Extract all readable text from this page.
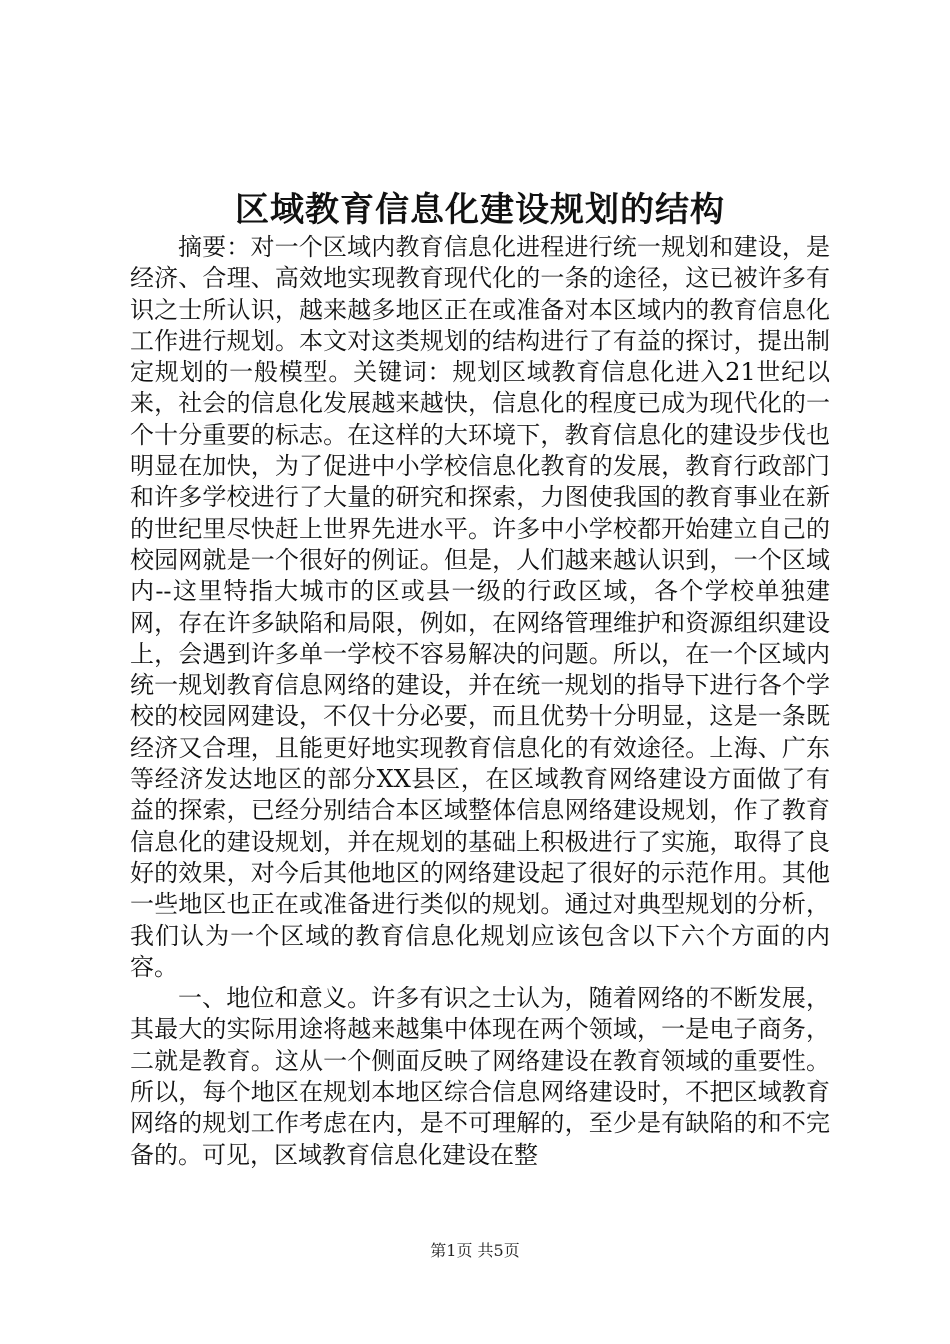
区域教育信息化建设规划的结构

摘要：对一个区域内教育信息化进程进行统一规划和建设，是经济、合理、高效地实现教育现代化的一条的途径，这已被许多有识之士所认识，越来越多地区正在或准备对本区域内的教育信息化工作进行规划。本文对这类规划的结构进行了有益的探讨，提出制定规划的一般模型。关键词：规划区域教育信息化进入21世纪以来，社会的信息化发展越来越快，信息化的程度已成为现代化的一个十分重要的标志。在这样的大环境下，教育信息化的建设步伐也明显在加快，为了促进中小学校信息化教育的发展，教育行政部门和许多学校进行了大量的研究和探索，力图使我国的教育事业在新的世纪里尽快赶上世界先进水平。许多中小学校都开始建立自己的校园网就是一个很好的例证。但是，人们越来越认识到，一个区域内--这里特指大城市的区或县一级的行政区域，各个学校单独建网，存在许多缺陷和局限，例如，在网络管理维护和资源组织建设上，会遇到许多单一学校不容易解决的问题。所以，在一个区域内统一规划教育信息网络的建设，并在统一规划的指导下进行各个学校的校园网建设，不仅十分必要，而且优势十分明显，这是一条既经济又合理，且能更好地实现教育信息化的有效途径。上海、广东等经济发达地区的部分XX县区，在区域教育网络建设方面做了有益的探索，已经分别结合本区域整体信息网络建设规划，作了教育信息化的建设规划，并在规划的基础上积极进行了实施，取得了良好的效果，对今后其他地区的网络建设起了很好的示范作用。其他一些地区也正在或准备进行类似的规划。通过对典型规划的分析，我们认为一个区域的教育信息化规划应该包含以下六个方面的内容。

一、地位和意义。许多有识之士认为，随着网络的不断发展，其最大的实际用途将越来越集中体现在两个领域，一是电子商务，二就是教育。这从一个侧面反映了网络建设在教育领域的重要性。所以，每个地区在规划本地区综合信息网络建设时，不把区域教育网络的规划工作考虑在内，是不可理解的，至少是有缺陷的和不完备的。可见，区域教育信息化建设在整

第1页 共5页
